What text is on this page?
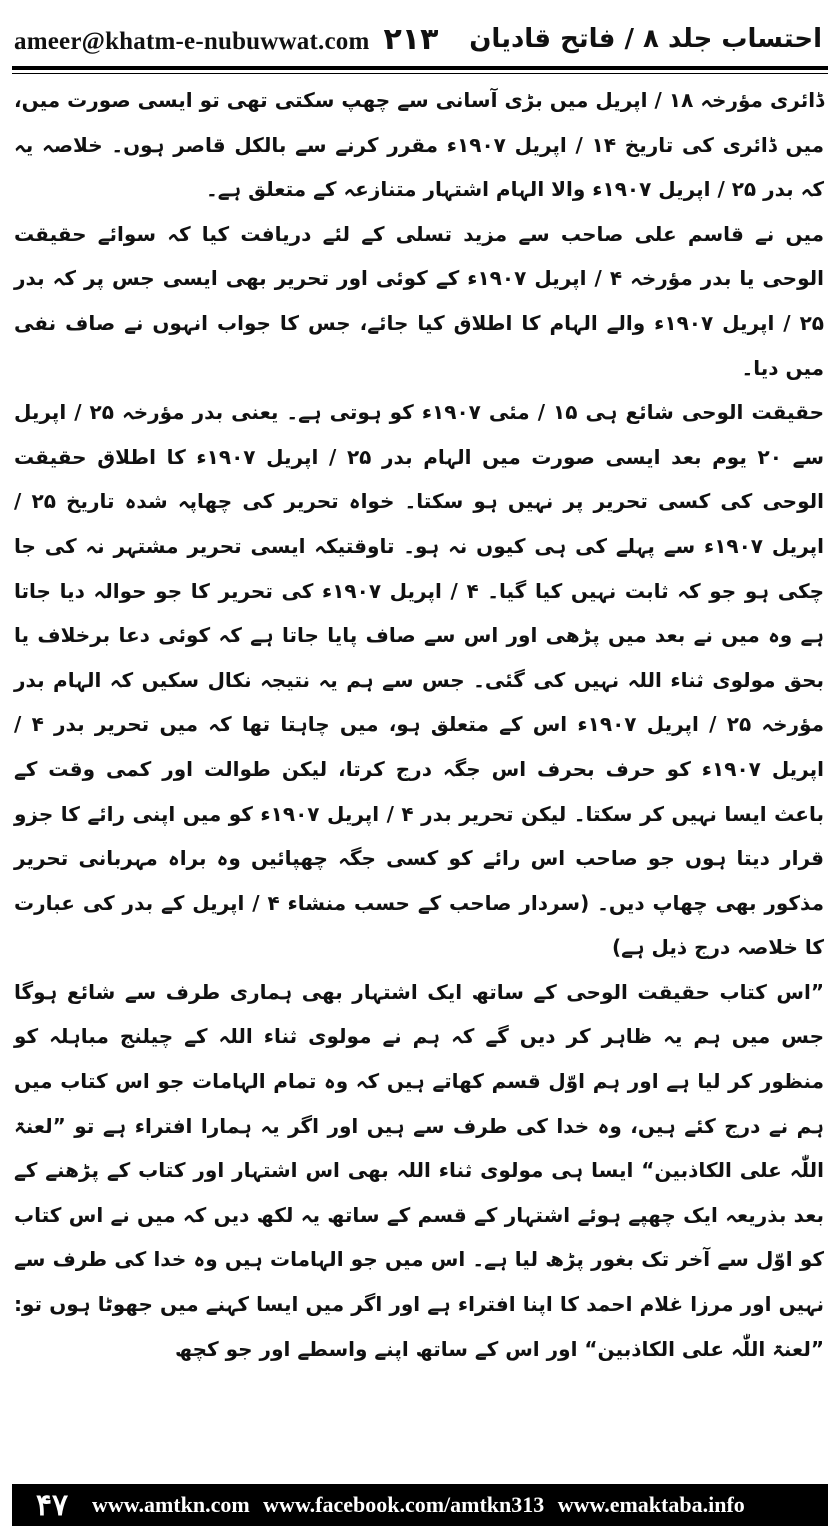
ameer@khatm-e-nubuwwat.com ۲۱۳ احتساب جلد ۸ / فاتح قادیان

ڈائری مؤرخہ ۱۸ / اپریل میں بڑی آسانی سے چھپ سکتی تھی تو ایسی صورت میں، میں ڈائری کی تاریخ ۱۴ / اپریل ۱۹۰۷ء مقرر کرنے سے بالکل قاصر ہوں۔ خلاصہ یہ کہ بدر ۲۵ / اپریل ۱۹۰۷ء والا الہام اشتہار متنازعہ کے متعلق ہے۔

میں نے قاسم علی صاحب سے مزید تسلی کے لئے دریافت کیا کہ سوائے حقیقت الوحی یا بدر مؤرخہ ۴ / اپریل ۱۹۰۷ء کے کوئی اور تحریر بھی ایسی جس پر کہ بدر ۲۵ / اپریل ۱۹۰۷ء والے الہام کا اطلاق کیا جائے، جس کا جواب انہوں نے صاف نفی میں دیا۔

حقیقت الوحی شائع ہی ۱۵ / مئی ۱۹۰۷ء کو ہوتی ہے۔ یعنی بدر مؤرخہ ۲۵ / اپریل سے ۲۰ یوم بعد ایسی صورت میں الہام بدر ۲۵ / اپریل ۱۹۰۷ء کا اطلاق حقیقت الوحی کی کسی تحریر پر نہیں ہو سکتا۔ خواہ تحریر کی چھاپہ شدہ تاریخ ۲۵ / اپریل ۱۹۰۷ء سے پہلے کی ہی کیوں نہ ہو۔ تاوقتیکہ ایسی تحریر مشتہر نہ کی جا چکی ہو جو کہ ثابت نہیں کیا گیا۔ ۴ / اپریل ۱۹۰۷ء کی تحریر کا جو حوالہ دیا جاتا ہے وہ میں نے بعد میں پڑھی اور اس سے صاف پایا جاتا ہے کہ کوئی دعا برخلاف یا بحق مولوی ثناء اللہ نہیں کی گئی۔ جس سے ہم یہ نتیجہ نکال سکیں کہ الہام بدر مؤرخہ ۲۵ / اپریل ۱۹۰۷ء اس کے متعلق ہو، میں چاہتا تھا کہ میں تحریر بدر ۴ / اپریل ۱۹۰۷ء کو حرف بحرف اس جگہ درج کرتا، لیکن طوالت اور کمی وقت کے باعث ایسا نہیں کر سکتا۔ لیکن تحریر بدر ۴ / اپریل ۱۹۰۷ء کو میں اپنی رائے کا جزو قرار دیتا ہوں جو صاحب اس رائے کو کسی جگہ چھپائیں وہ براہ مہربانی تحریر مذکور بھی چھاپ دیں۔ (سردار صاحب کے حسب منشاء ۴ / اپریل کے بدر کی عبارت کا خلاصہ درج ذیل ہے)

”اس کتاب حقیقت الوحی کے ساتھ ایک اشتہار بھی ہماری طرف سے شائع ہوگا جس میں ہم یہ ظاہر کر دیں گے کہ ہم نے مولوی ثناء اللہ کے چیلنج مباہلہ کو منظور کر لیا ہے اور ہم اوّل قسم کھاتے ہیں کہ وہ تمام الہامات جو اس کتاب میں ہم نے درج کئے ہیں، وہ خدا کی طرف سے ہیں اور اگر یہ ہمارا افتراء ہے تو ”لعنۃ اللّٰہ علی الکاذبین“ ایسا ہی مولوی ثناء اللہ بھی اس اشتہار اور کتاب کے پڑھنے کے بعد بذریعہ ایک چھپے ہوئے اشتہار کے قسم کے ساتھ یہ لکھ دیں کہ میں نے اس کتاب کو اوّل سے آخر تک بغور پڑھ لیا ہے۔ اس میں جو الہامات ہیں وہ خدا کی طرف سے نہیں اور مرزا غلام احمد کا اپنا افتراء ہے اور اگر میں ایسا کہنے میں جھوٹا ہوں تو: ”لعنۃ اللّٰہ علی الکاذبین“ اور اس کے ساتھ اپنے واسطے اور جو کچھ

۴۷	www.amtkn.com www.facebook.com/amtkn313 www.emaktaba.info
